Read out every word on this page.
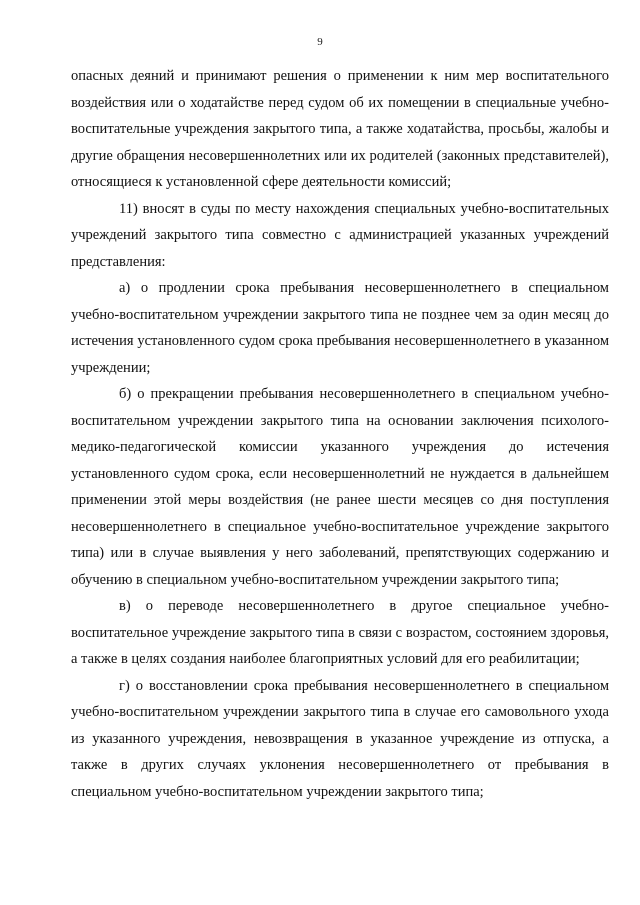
9

опасных деяний и принимают решения о применении к ним мер воспитательного воздействия или о ходатайстве перед судом об их помещении в специальные учебно-воспитательные учреждения закрытого типа, а также ходатайства, просьбы, жалобы и другие обращения несовершеннолетних или их родителей (законных представителей), относящиеся к установленной сфере деятельности комиссий;

11) вносят в суды по месту нахождения специальных учебно-воспитательных учреждений закрытого типа совместно с администрацией указанных учреждений представления:

а) о продлении срока пребывания несовершеннолетнего в специальном учебно-воспитательном учреждении закрытого типа не позднее чем за один месяц до истечения установленного судом срока пребывания несовершеннолетнего в указанном учреждении;

б) о прекращении пребывания несовершеннолетнего в специальном учебно-воспитательном учреждении закрытого типа на основании заключения психолого-медико-педагогической комиссии указанного учреждения до истечения установленного судом срока, если несовершеннолетний не нуждается в дальнейшем применении этой меры воздействия (не ранее шести месяцев со дня поступления несовершеннолетнего в специальное учебно-воспитательное учреждение закрытого типа) или в случае выявления у него заболеваний, препятствующих содержанию и обучению в специальном учебно-воспитательном учреждении закрытого типа;

в) о переводе несовершеннолетнего в другое специальное учебно-воспитательное учреждение закрытого типа в связи с возрастом, состоянием здоровья, а также в целях создания наиболее благоприятных условий для его реабилитации;

г) о восстановлении срока пребывания несовершеннолетнего в специальном учебно-воспитательном учреждении закрытого типа в случае его самовольного ухода из указанного учреждения, невозвращения в указанное учреждение из отпуска, а также в других случаях уклонения несовершеннолетнего от пребывания в специальном учебно-воспитательном учреждении закрытого типа;
